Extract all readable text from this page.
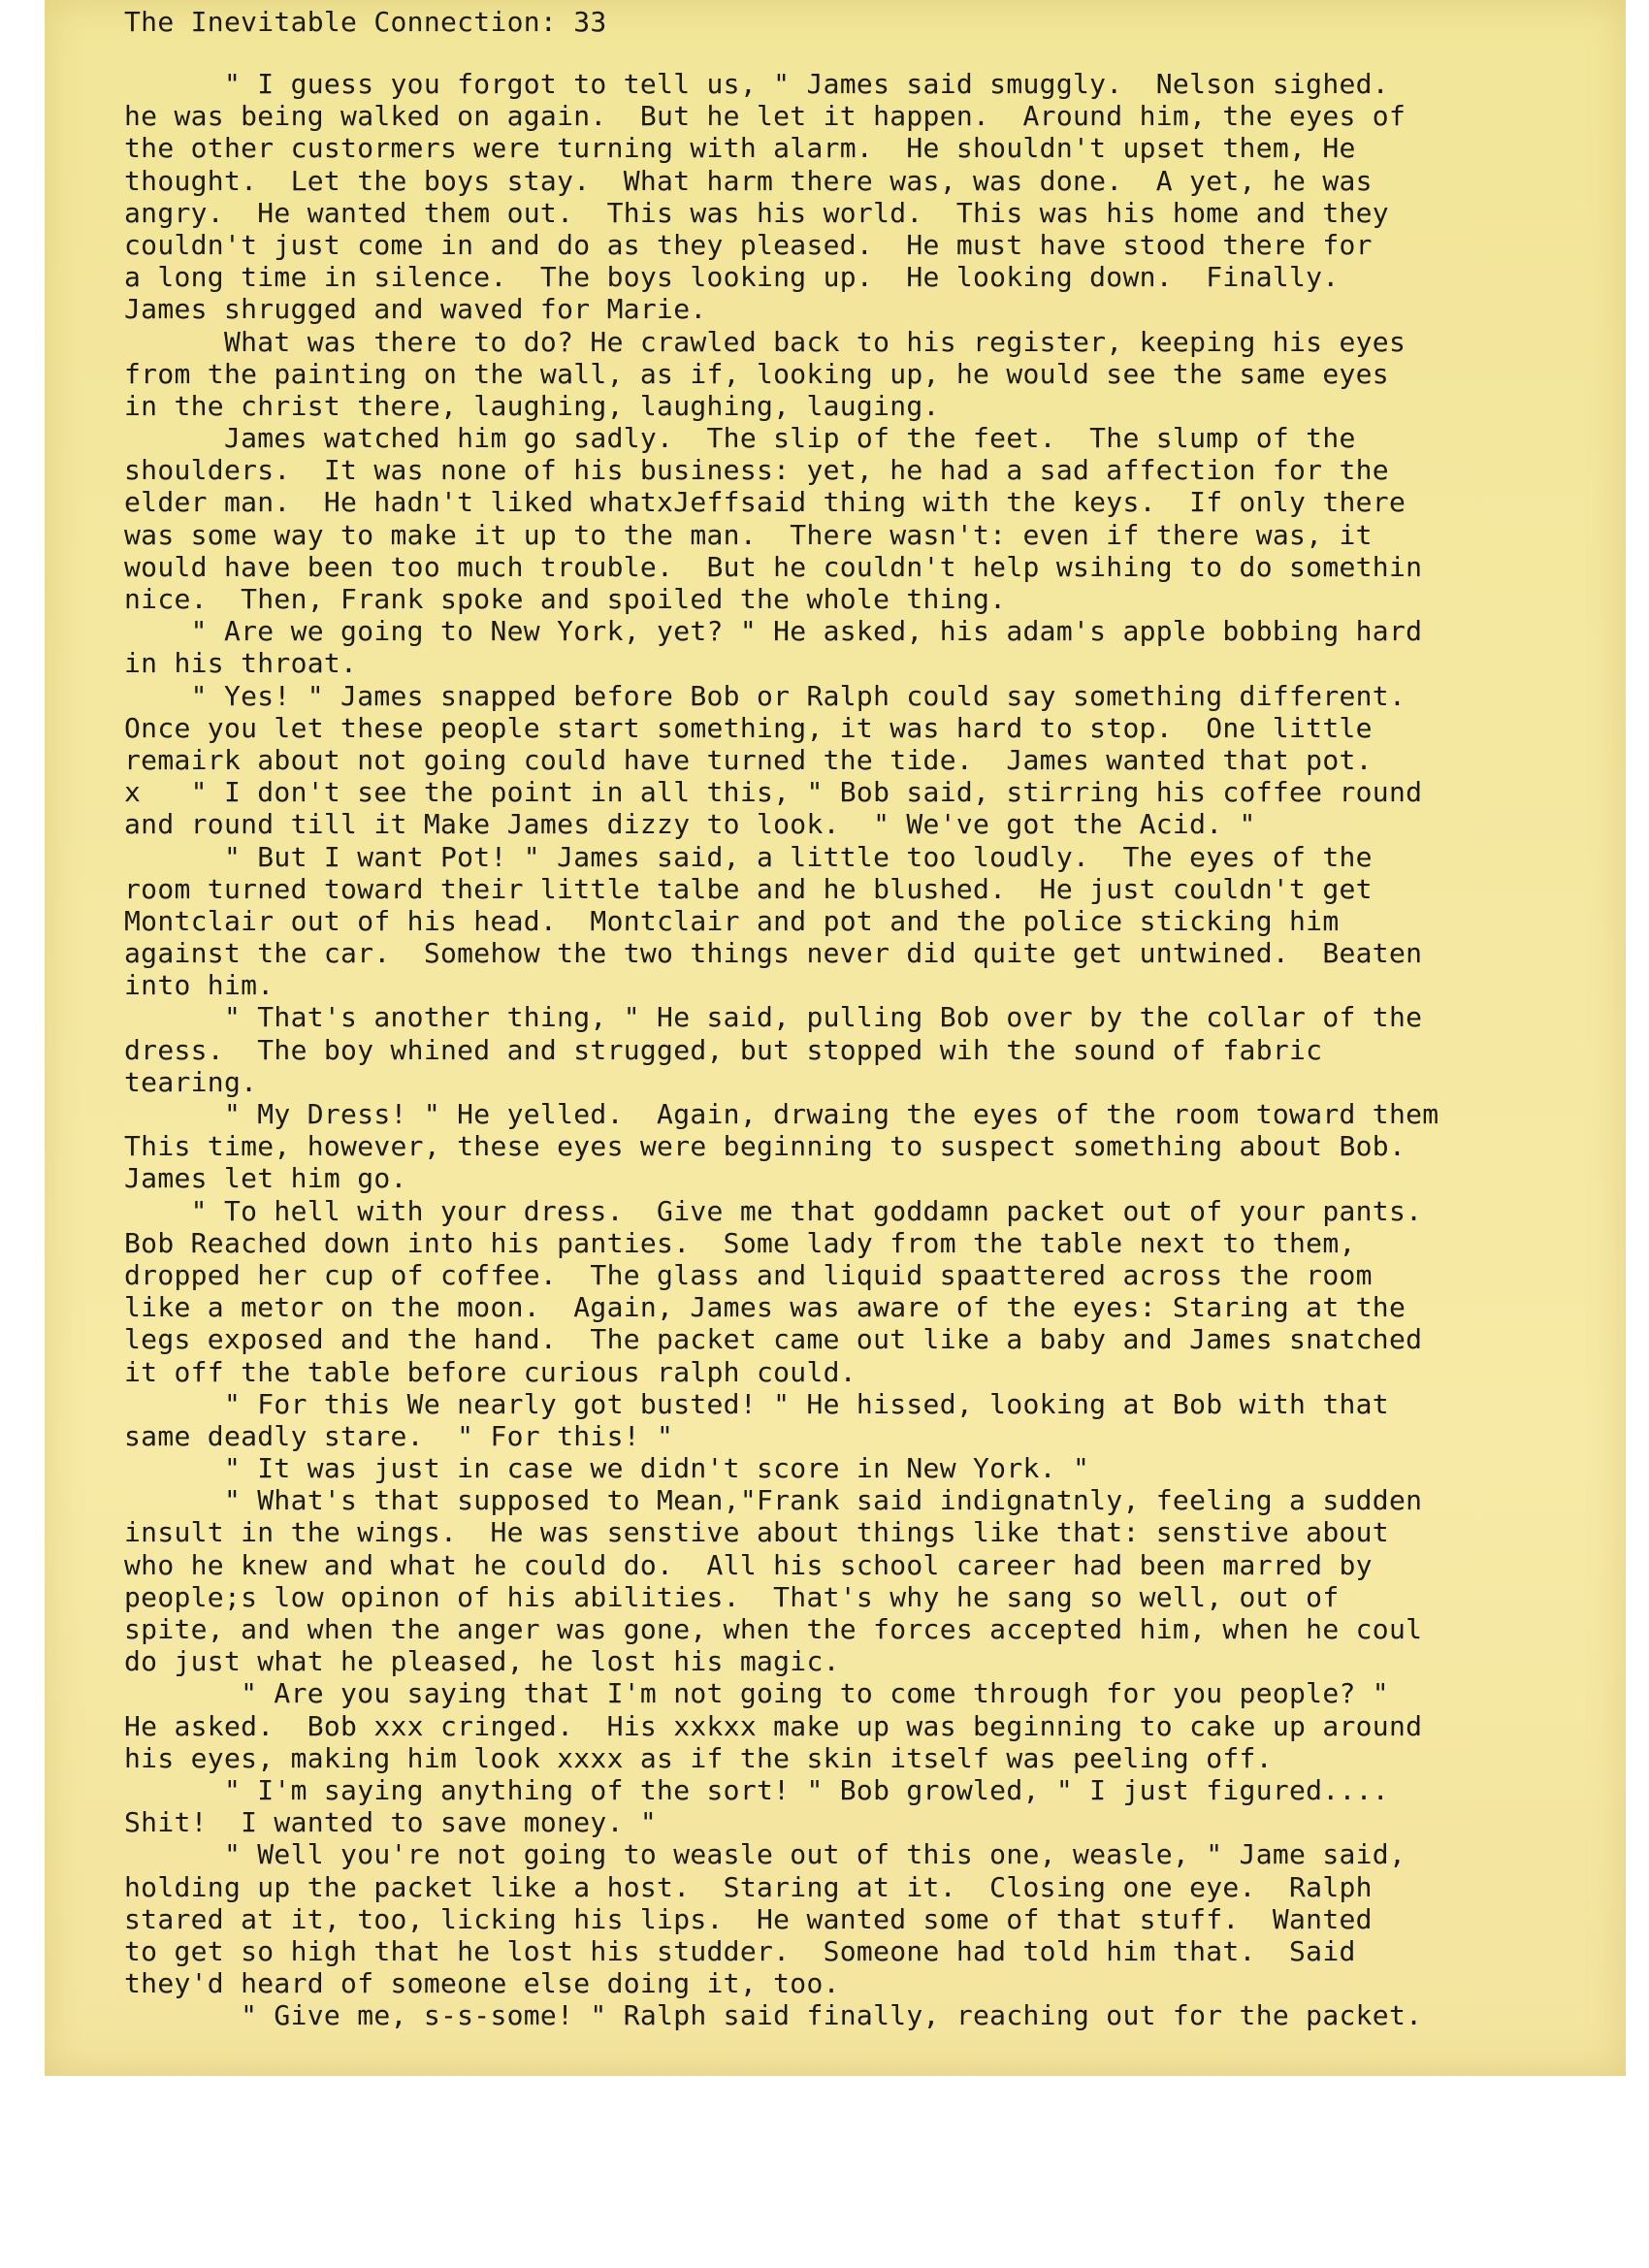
The Inevitable Connection: 33
" I guess you forgot to tell us, " James said smuggly.  Nelson sighed.
he was being walked on again.  But he let it happen.  Around him, the eyes of
the other custormers were turning with alarm.  He shouldn't upset them, He
thought.  Let the boys stay.  What harm there was, was done.  A yet, he was
angry.  He wanted them out.  This was his world.  This was his home and they
couldn't just come in and do as they pleased.  He must have stood there for
a long time in silence.  The boys looking up.  He looking down.  Finally.
James shrugged and waved for Marie.
What was there to do? He crawled back to his register, keeping his eyes
from the painting on the wall, as if, looking up, he would see the same eyes
in the christ there, laughing, laughing, lauging.
James watched him go sadly.  The slip of the feet.  The slump of the
shoulders.  It was none of his business: yet, he had a sad affection for the
elder man.  He hadn't liked whatxJeffsaid thing with the keys.  If only there
was some way to make it up to the man.  There wasn't: even if there was, it
would have been too much trouble.  But he couldn't help wsihing to do somethin
nice.  Then, Frank spoke and spoiled the whole thing.
" Are we going to New York, yet? " He asked, his adam's apple bobbing hard
in his throat.
" Yes! " James snapped before Bob or Ralph could say something different.
Once you let these people start something, it was hard to stop.  One little
remairk about not going could have turned the tide.  James wanted that pot.
x   " I don't see the point in all this, " Bob said, stirring his coffee round
and round till it Make James dizzy to look.  " We've got the Acid. "
" But I want Pot! " James said, a little too loudly.  The eyes of the
room turned toward their little talbe and he blushed.  He just couldn't get
Montclair out of his head.  Montclair and pot and the police sticking him
against the car.  Somehow the two things never did quite get untwined.  Beaten
into him.
" That's another thing, " He said, pulling Bob over by the collar of the
dress.  The boy whined and strugged, but stopped wih the sound of fabric
tearing.
" My Dress! " He yelled.  Again, drwaing the eyes of the room toward them
This time, however, these eyes were beginning to suspect something about Bob.
James let him go.
" To hell with your dress.  Give me that goddamn packet out of your pants.
Bob Reached down into his panties.  Some lady from the table next to them,
dropped her cup of coffee.  The glass and liquid spaattered across the room
like a metor on the moon.  Again, James was aware of the eyes: Staring at the
legs exposed and the hand.  The packet came out like a baby and James snatched
it off the table before curious ralph could.
" For this We nearly got busted! " He hissed, looking at Bob with that
same deadly stare.  " For this! "
" It was just in case we didn't score in New York. "
" What's that supposed to Mean,"Frank said indignatnly, feeling a sudden
insult in the wings.  He was senstive about things like that: senstive about
who he knew and what he could do.  All his school career had been marred by
people;s low opinon of his abilities.  That's why he sang so well, out of
spite, and when the anger was gone, when the forces accepted him, when he coul
do just what he pleased, he lost his magic.
" Are you saying that I'm not going to come through for you people? "
He asked.  Bob xxx cringed.  His xxkxx make up was beginning to cake up around
his eyes, making him look xxxx as if the skin itself was peeling off.
" I'm saying anything of the sort! " Bob growled, " I just figured....
Shit!  I wanted to save money. "
" Well you're not going to weasle out of this one, weasle, " Jame said,
holding up the packet like a host.  Staring at it.  Closing one eye.  Ralph
stared at it, too, licking his lips.  He wanted some of that stuff.  Wanted
to get so high that he lost his studder.  Someone had told him that.  Said
they'd heard of someone else doing it, too.
" Give me, s-s-some! " Ralph said finally, reaching out for the packet.
